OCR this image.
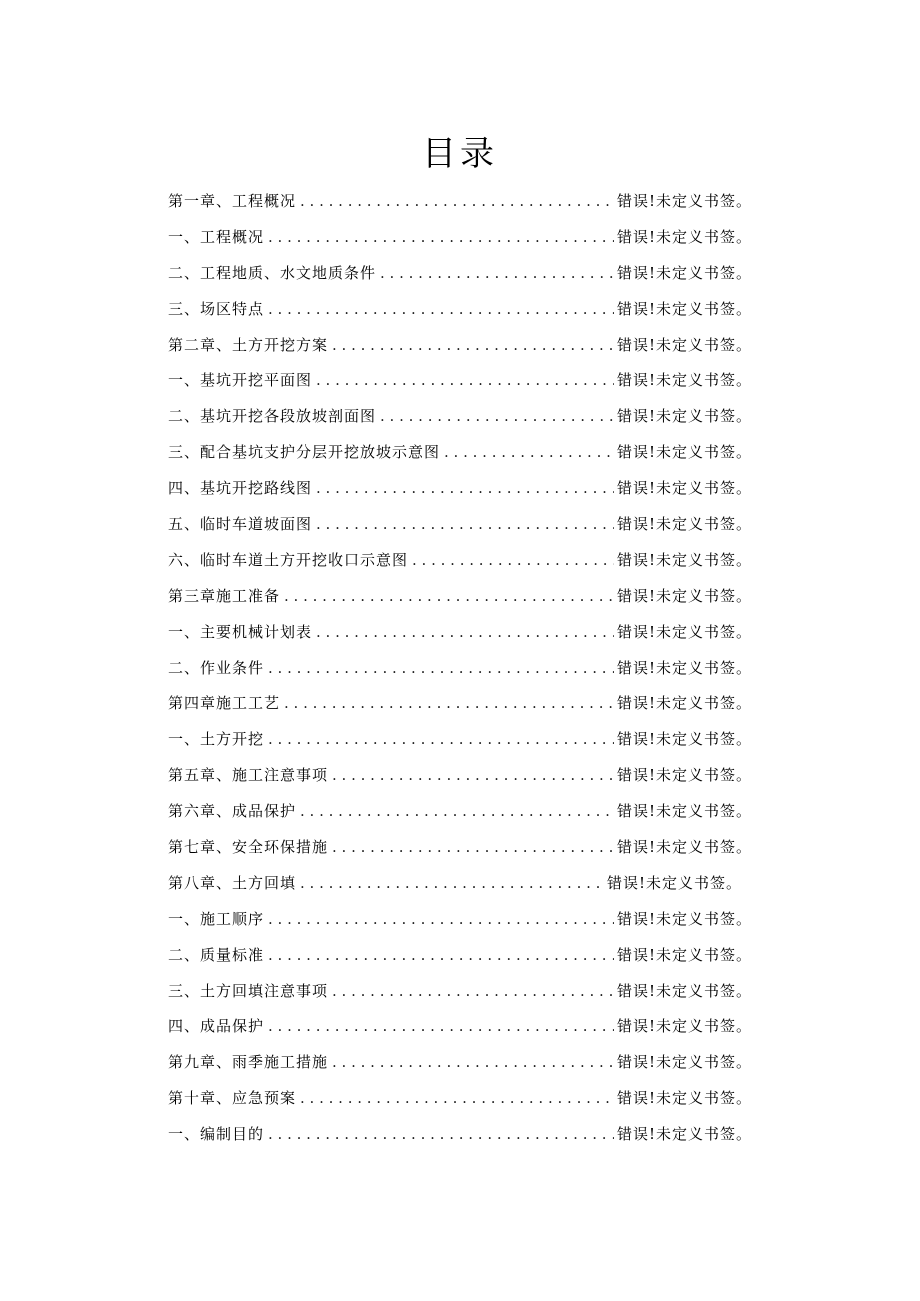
目录
第一章、工程概况 . . .	错误!未定义书签。
一、工程概况 . . .	错误!未定义书签。
二、工程地质、水文地质条件 . . .	错误!未定义书签。
三、场区特点 . . .	错误!未定义书签。
第二章、土方开挖方案 . . .	错误!未定义书签。
一、基坑开挖平面图 . . .	错误!未定义书签。
二、基坑开挖各段放坡剖面图 . . .	错误!未定义书签。
三、配合基坑支护分层开挖放坡示意图 . . .	错误!未定义书签。
四、基坑开挖路线图 . . .	错误!未定义书签。
五、临时车道坡面图 . . .	错误!未定义书签。
六、临时车道土方开挖收口示意图 . . .	错误!未定义书签。
第三章施工准备 . . .	错误!未定义书签。
一、主要机械计划表 . . .	错误!未定义书签。
二、作业条件 . . .	错误!未定义书签。
第四章施工工艺 . . .	错误!未定义书签。
一、土方开挖 . . .	错误!未定义书签。
第五章、施工注意事项 . . .	错误!未定义书签。
第六章、成品保护 . . .	错误!未定义书签。
第七章、安全环保措施 . . .	错误!未定义书签。
第八章、土方回填 . . .	错误!未定义书签。
一、施工顺序 . . .	错误!未定义书签。
二、质量标准 . . .	错误!未定义书签。
三、土方回填注意事项 . . .	错误!未定义书签。
四、成品保护 . . .	错误!未定义书签。
第九章、雨季施工措施 . . .	错误!未定义书签。
第十章、应急预案 . . .	错误!未定义书签。
一、编制目的 . . .	错误!未定义书签。
